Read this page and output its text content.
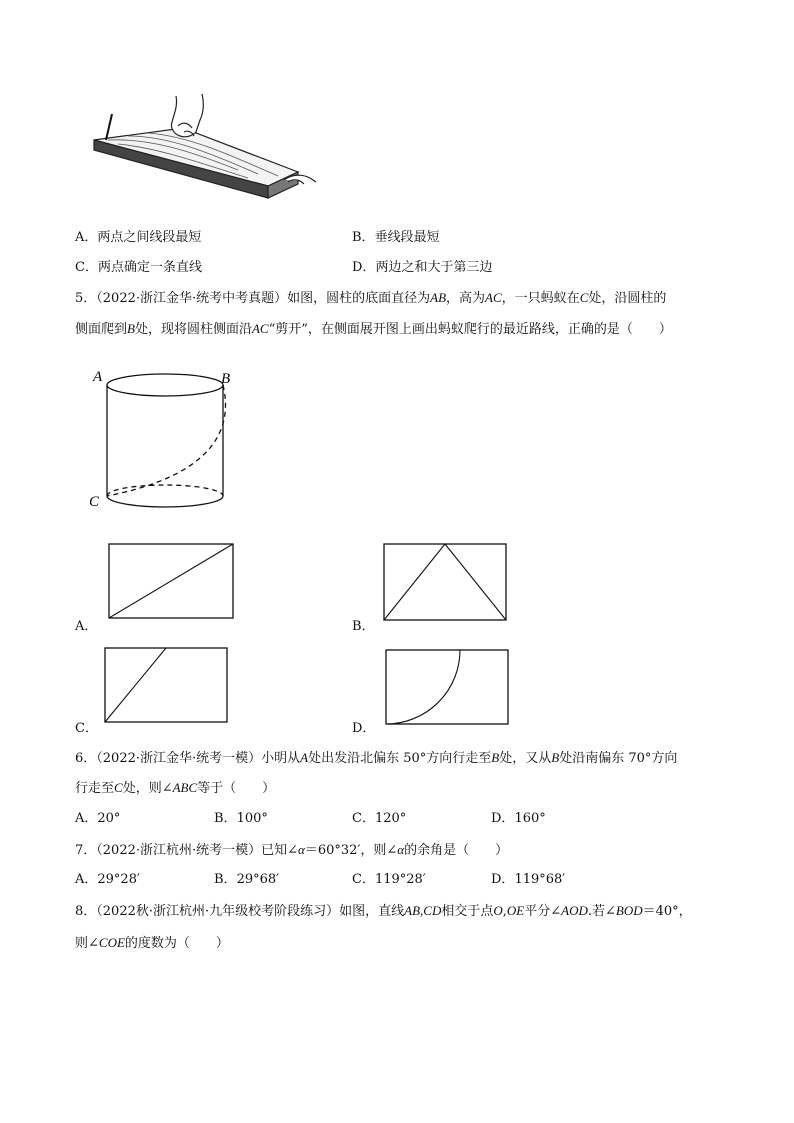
A．两点之间线段最短	B．垂线段最短
C．两点确定一条直线	D．两边之和大于第三边
5．（2022·浙江金华·统考中考真题）如图，圆柱的底面直径为AB，高为AC，一只蚂蚁在C处，沿圆柱的
侧面爬到B处，现将圆柱侧面沿AC“剪开”，在侧面展开图上画出蚂蚁爬行的最近路线，正确的是（　　）
A	B
C
A．	B．
C．	D．
6．（2022·浙江金华·统考一模）小明从A处出发沿北偏东 50°方向行走至B处，又从B处沿南偏东 70°方向
行走至C处，则∠ABC等于（　　）
A．20°	B．100°	C．120°	D．160°
7．（2022·浙江杭州·统考一模）已知∠α＝60°32′，则∠α的余角是（　　）
A．29°28′	B．29°68′	C．119°28′	D．119°68′
8．（2022秋·浙江杭州·九年级校考阶段练习）如图，直线AB,CD相交于点O,OE平分∠AOD.若∠BOD＝40°，
则∠COE的度数为（　　）
